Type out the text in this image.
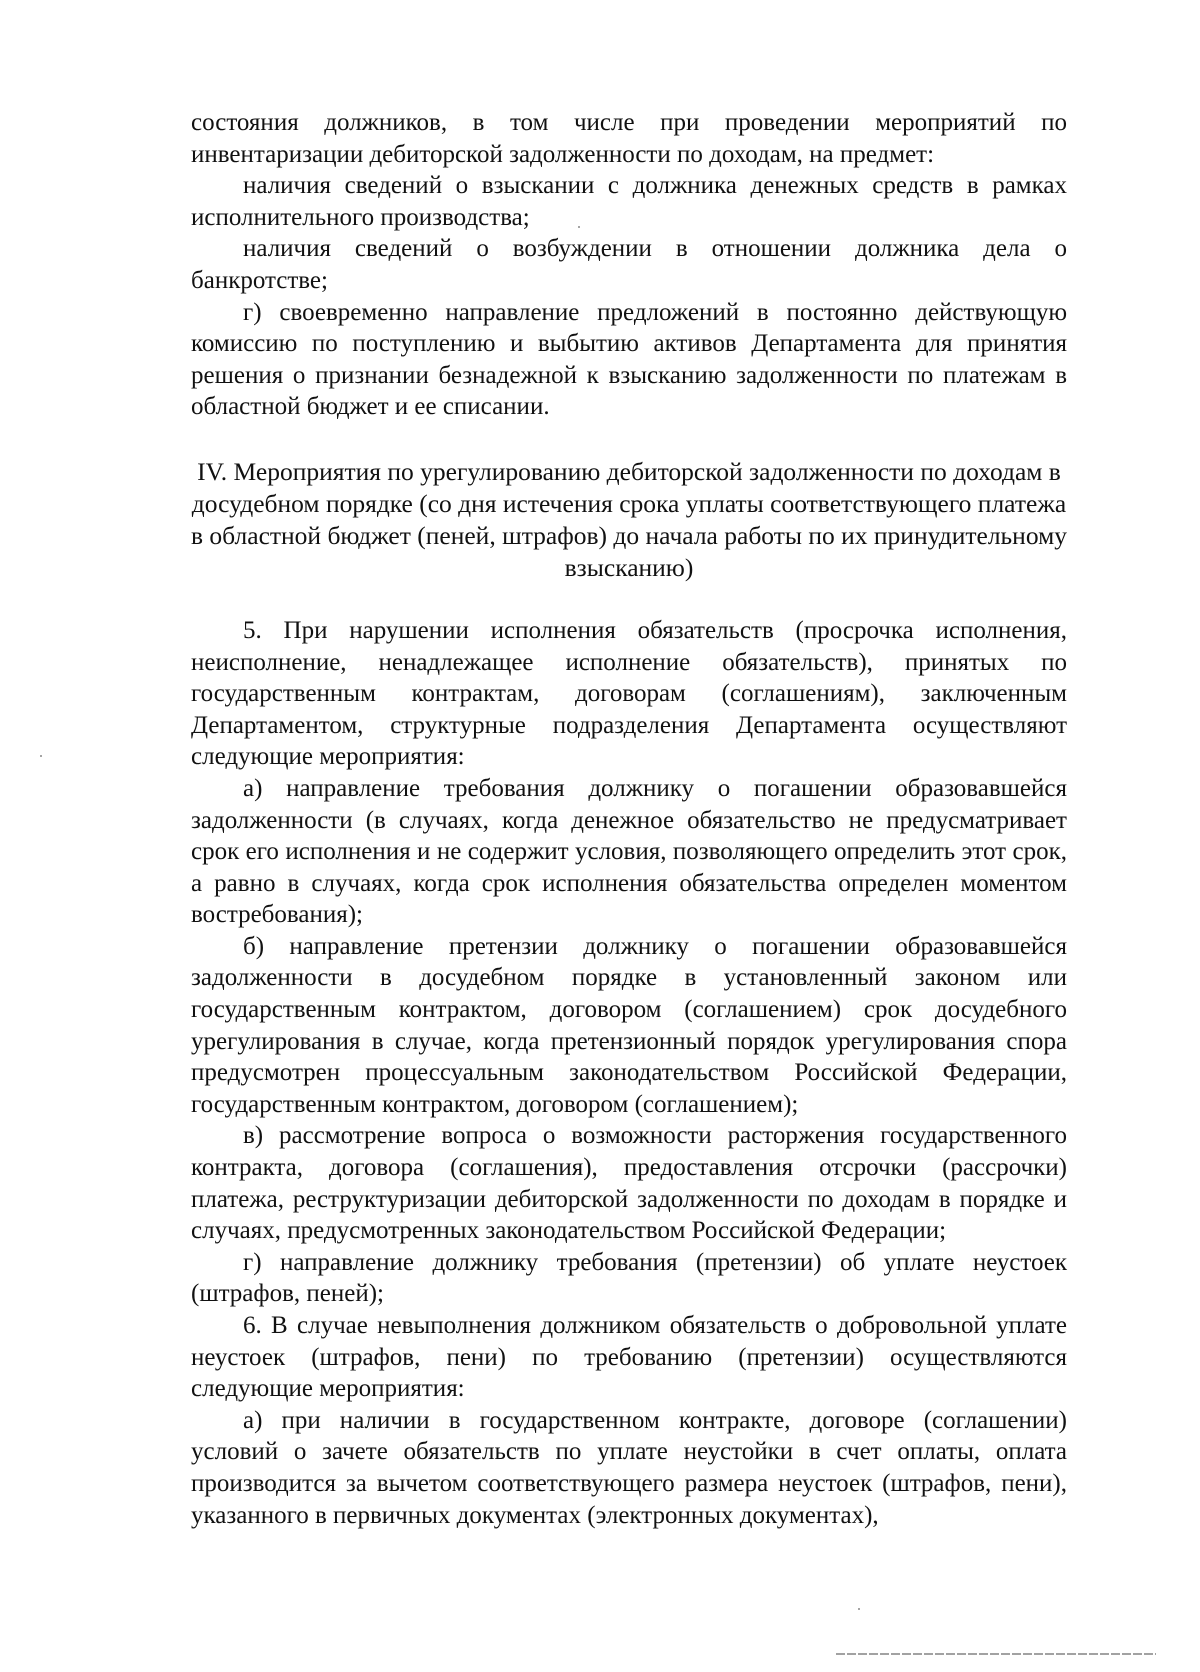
состояния должников, в том числе при проведении мероприятий по инвентаризации дебиторской задолженности по доходам, на предмет:

наличия сведений о взыскании с должника денежных средств в рамках исполнительного производства;

наличия сведений о возбуждении в отношении должника дела о банкротстве;

г) своевременно направление предложений в постоянно действующую комиссию по поступлению и выбытию активов Департамента для принятия решения о признании безнадежной к взысканию задолженности по платежам в областной бюджет и ее списании.

IV. Мероприятия по урегулированию дебиторской задолженности по доходам в досудебном порядке (со дня истечения срока уплаты соответствующего платежа в областной бюджет (пеней, штрафов) до начала работы по их принудительному взысканию)

5. При нарушении исполнения обязательств (просрочка исполнения, неисполнение, ненадлежащее исполнение обязательств), принятых по государственным контрактам, договорам (соглашениям), заключенным Департаментом, структурные подразделения Департамента осуществляют следующие мероприятия:

а) направление требования должнику о погашении образовавшейся задолженности (в случаях, когда денежное обязательство не предусматривает срок его исполнения и не содержит условия, позволяющего определить этот срок, а равно в случаях, когда срок исполнения обязательства определен моментом востребования);

б) направление претензии должнику о погашении образовавшейся задолженности в досудебном порядке в установленный законом или государственным контрактом, договором (соглашением) срок досудебного урегулирования в случае, когда претензионный порядок урегулирования спора предусмотрен процессуальным законодательством Российской Федерации, государственным контрактом, договором (соглашением);

в) рассмотрение вопроса о возможности расторжения государственного контракта, договора (соглашения), предоставления отсрочки (рассрочки) платежа, реструктуризации дебиторской задолженности по доходам в порядке и случаях, предусмотренных законодательством Российской Федерации;

г) направление должнику требования (претензии) об уплате неустоек (штрафов, пеней);

6. В случае невыполнения должником обязательств о добровольной уплате неустоек (штрафов, пени) по требованию (претензии) осуществляются следующие мероприятия:

а) при наличии в государственном контракте, договоре (соглашении) условий о зачете обязательств по уплате неустойки в счет оплаты, оплата производится за вычетом соответствующего размера неустоек (штрафов, пени), указанного в первичных документах (электронных документах),
